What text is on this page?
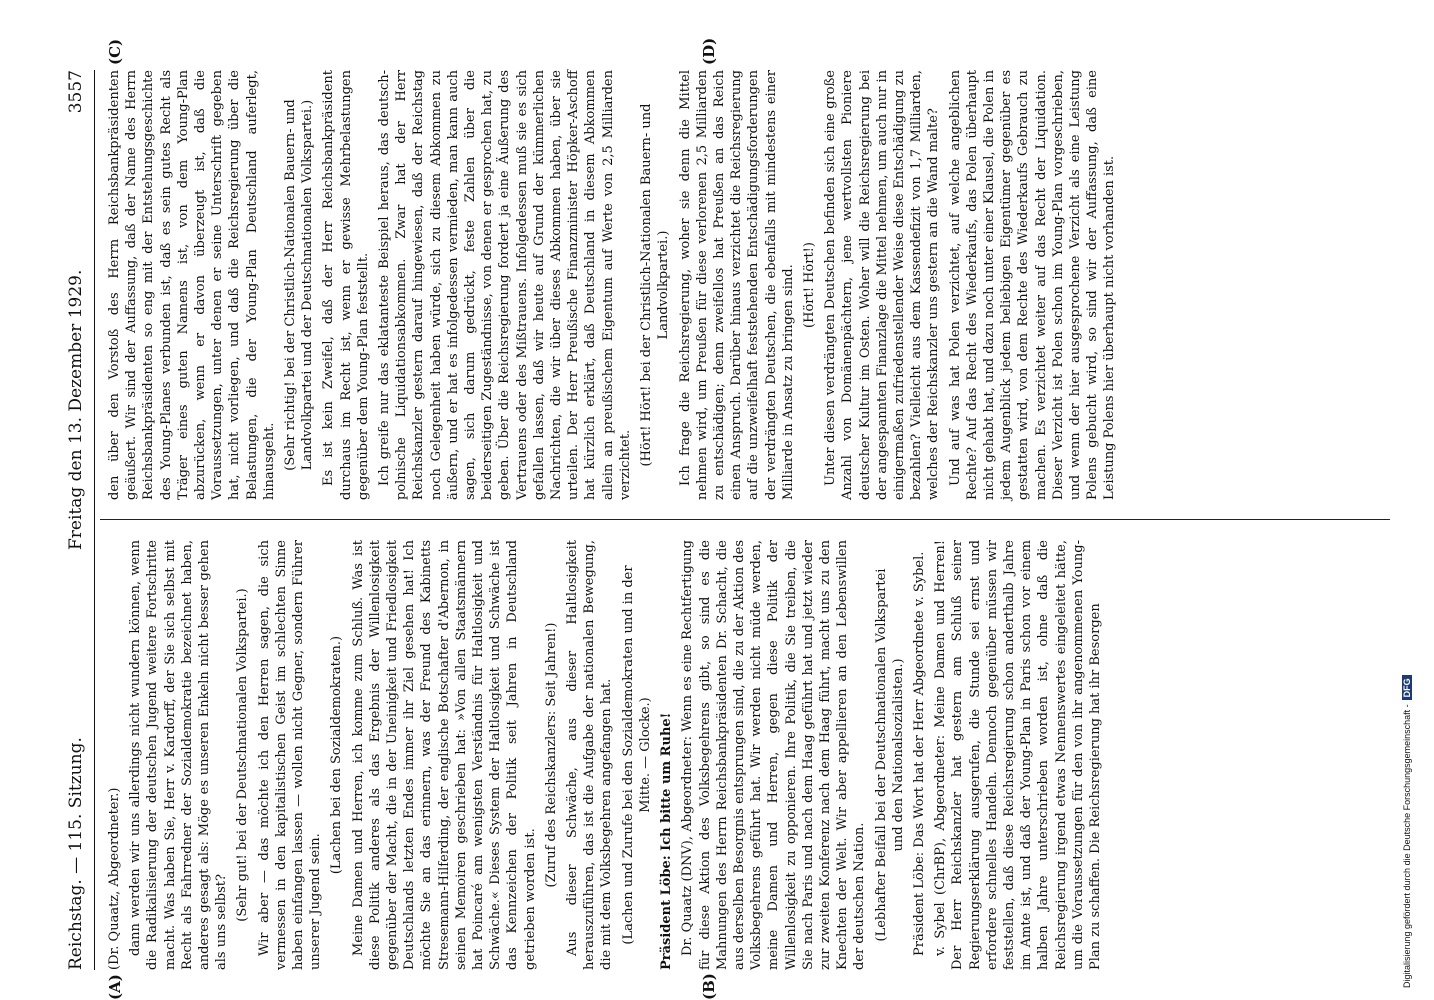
Reichstag. — 115. Sitzung.
Freitag den 13. Dezember 1929.
3557

(Dr. Quaatz, Abgeordneter.) dann werden wir uns allerdings nicht wundern können, wenn die Radikalisierung der deutschen Jugend weitere Fortschritte macht. Was haben Sie, Herr v. Kardorff, der Sie sich selbst mit Recht als Fahrredner der Sozialdemokratie bezeichnet haben, anderes gesagt als: Möge es unseren Enkeln nicht besser gehen als uns selbst?

(Sehr gut! bei der Deutschnationalen Volkspartei.) Wir aber — das möchte ich den Herren sagen, die sich vermessen in den kapitalistischen Geist im schlechten Sinne haben einfangen lassen — wollen nicht Gegner, sondern Führer unserer Jugend sein.

(Lachen bei den Sozialdemokraten.) Meine Damen und Herren, ich komme zum Schluß. Was ist diese Politik anderes als das Ergebnis der Willenlosigkeit gegenüber der Macht, die in der Uneinigkeit und Friedlosigkeit Deutschlands letzten Endes immer ihr Ziel gesehen hat! Ich möchte Sie an das erinnern, was der Freund des Kabinetts Stresemann-Hilferding, der englische Botschafter d'Abernon, in seinen Memoiren geschrieben hat: »Von allen Staatsmännern hat Poincaré am wenigsten Verständnis für Haltlosigkeit und Schwäche.« Dieses System der Haltlosigkeit und Schwäche ist das Kennzeichen der Politik seit Jahren in Deutschland getrieben worden ist.

(Zuruf des Reichskanzlers: Seit Jahren!) Aus dieser Schwäche, aus dieser Haltlosigkeit herauszuführen, das ist die Aufgabe der nationalen Bewegung, die mit dem Volksbegehren angefangen hat. (Lachen und Zurufe bei den Sozialdemokraten und in der Mitte. — Glocke.) Präsident Löbe: Ich bitte um Ruhe! Dr. Quaatz (DNV), Abgeordneter: Wenn es eine Rechtfertigung für diese Aktion des Volksbegehrens gibt, so sind es die Mahnungen des Herrn Reichsbankpräsidenten Dr. Schacht, die aus derselben Besorgnis entsprungen sind, die zu der Aktion des Volksbegehrens geführt hat. Wir werden nicht müde werden, meine Damen und Herren, gegen diese Politik der Willenlosigkeit zu opponieren. Ihre Politik, die Sie treiben, die Sie nach Paris und nach dem Haag geführt hat und jetzt wieder zur zweiten Konferenz nach dem Haag führt, macht uns zu den Knechten der Welt. Wir aber appellieren an den Lebenswillen der deutschen Nation. (Lebhafter Beifall bei der Deutschnationalen Volkspartei und den Nationalsozialisten.) Präsident Löbe: Das Wort hat der Herr Abgeordnete v. Sybel. v. Sybel (ChrBP), Abgeordneter: Meine Damen und Herren! Der Herr Reichskanzler hat gestern am Schluß seiner Regierungserklärung ausgerufen, die Stunde sei ernst und erfordere schnelles Handeln. Dennoch gegenüber müssen wir feststellen, daß diese Reichsregierung schon anderthalb Jahre im Amte ist, und daß der Young-Plan in Paris schon vor einem halben Jahre unterschrieben worden ist, ohne daß die Reichsregierung irgend etwas Nennenswertes eingeleitet hätte, um die Voraussetzungen für den von ihr angenommenen Young-Plan zu schaffen. Die Reichsregierung hat ihr Besorgen

den über den Vorstoß des Herrn Reichsbankpräsidenten geäußert. Wir sind der Auffassung, daß der Name des Herrn Reichsbankpräsidenten so eng mit der Entstehungsgeschichte des Young-Planes verbunden ist, daß es sein gutes Recht als Träger eines guten Namens ist, von dem Young-Plan abzurücken, wenn er davon überzeugt ist, daß die Voraussetzungen, unter denen er seine Unterschrift gegeben hat, nicht vorliegen, und daß die Reichsregierung über die Belastungen, die der Young-Plan Deutschland auferlegt, hinausgeht. (Sehr richtig! bei der Christlich-Nationalen Bauern- und Landvolkpartei und der Deutschnationalen Volkspartei.) Es ist kein Zweifel, daß der Herr Reichsbankpräsident durchaus im Recht ist, wenn er gewisse Mehrbelastungen gegenüber dem Young-Plan feststellt. Ich greife nur das eklatanteste Beispiel heraus, das deutsch-polnische Liquidationsabkommen. Zwar hat der Herr Reichskanzler gestern darauf hingewiesen, daß der Reichstag noch Gelegenheit haben würde, sich zu diesem Abkommen zu äußern, und er hat es infolgedessen vermieden, man kann auch sagen, sich darum gedrückt, feste Zahlen über die beiderseitigen Zugeständnisse, von denen er gesprochen hat, zu geben. Über die Reichsregierung fordert ja eine Äußerung des Vertrauens oder des Mißtrauens. Infolgedessen muß sie es sich gefallen lassen, daß wir heute auf Grund der kümmerlichen Nachrichten, die wir über dieses Abkommen haben, über sie urteilen. Der Herr Preußische Finanzminister Höpker-Aschoff hat kürzlich erklärt, daß Deutschland in diesem Abkommen allein an preußischem Eigentum auf Werte von 2,5 Milliarden verzichtet. (Hört! Hört! bei der Christlich-Nationalen Bauern- und Landvolkpartei.) Ich frage die Reichsregierung, woher sie denn die Mittel nehmen wird, um Preußen für diese verlorenen 2,5 Milliarden zu entschädigen; denn zweifellos hat Preußen an das Reich einen Anspruch. Darüber hinaus verzichtet die Reichsregierung auf die unzweifelhaft feststehenden Entschädigungsforderungen der verdrängten Deutschen, die ebenfalls mit mindestens einer Milliarde in Ansatz zu bringen sind. (Hört! Hört!) Unter diesen verdrängten Deutschen befinden sich eine große Anzahl von Domänenpächtern, jene wertvollsten Pioniere deutscher Kultur im Osten. Woher will die Reichsregierung bei der angespannten Finanzlage die Mittel nehmen, um auch nur in einigermaßen zufriedenstellender Weise diese Entschädigung zu bezahlen? Vielleicht aus dem Kassendefizit von 1,7 Milliarden, welches der Reichskanzler uns gestern an die Wand malte? Und auf was hat Polen verzichtet, auf welche angeblichen Rechte? Auf das Recht des Wiederkaufs, das Polen überhaupt nicht gehabt hat, und dazu noch unter einer Klausel, die Polen in jedem Augenblick jedem beliebigen Eigentümer gegenüber es gestatten wird, von dem Rechte des Wiederkaufs Gebrauch zu machen. Es verzichtet weiter auf das Recht der Liquidation. Dieser Verzicht ist Polen schon im Young-Plan vorgeschrieben, und wenn der hier ausgesprochene Verzicht als eine Leistung Polens gebucht wird, so sind wir der Auffassung, daß eine Leistung Polens hier überhaupt nicht vorhanden ist.

(A)	(B)
(C)	(D)
Digitalisierung gefördert durch die Deutsche Forschungsgemeinschaft -DFG
